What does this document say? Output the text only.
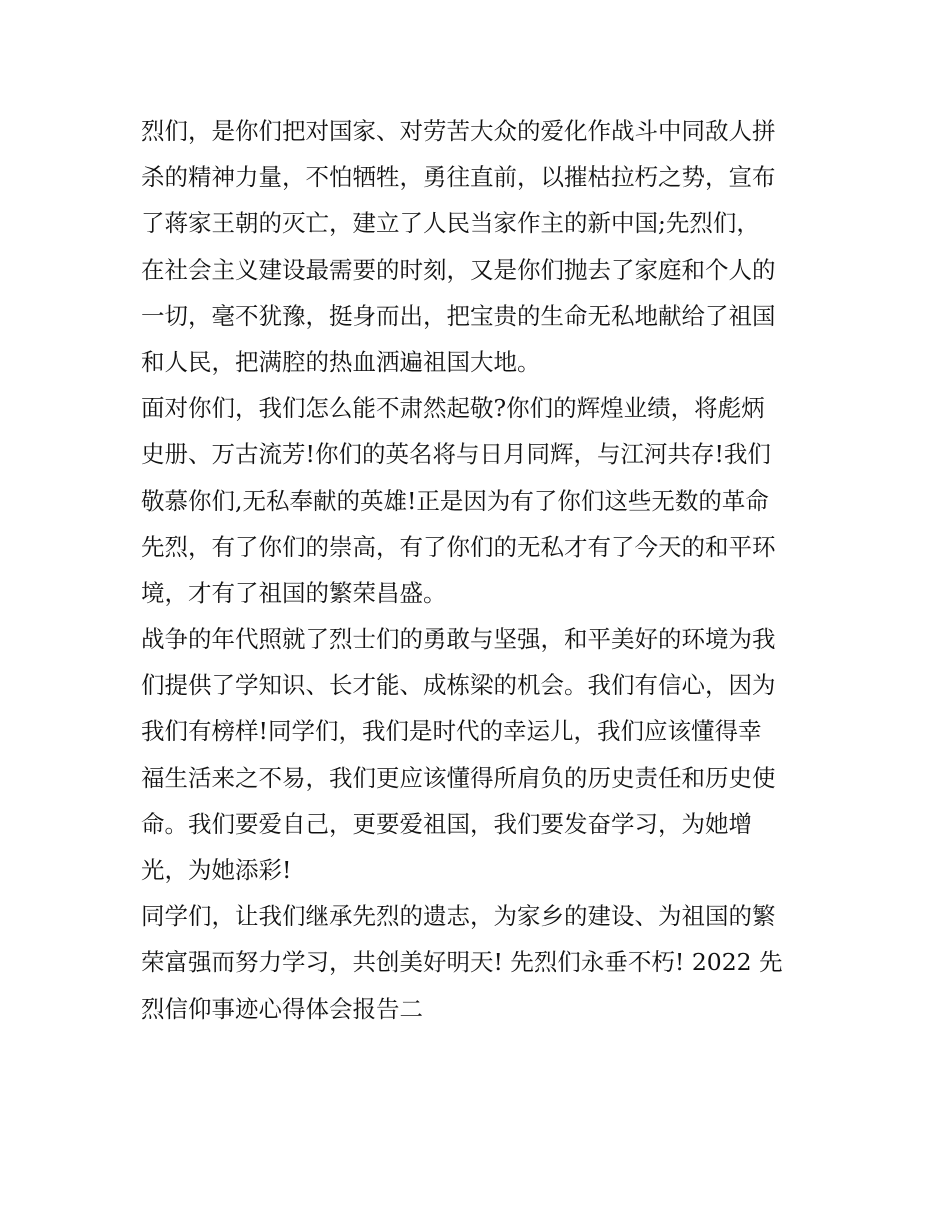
烈们，是你们把对国家、对劳苦大众的爱化作战斗中同敌人拼
杀的精神力量，不怕牺牲，勇往直前，以摧枯拉朽之势，宣布
了蒋家王朝的灭亡，建立了人民当家作主的新中国;先烈们，
在社会主义建设最需要的时刻，又是你们抛去了家庭和个人的
一切，毫不犹豫，挺身而出，把宝贵的生命无私地献给了祖国
和人民，把满腔的热血洒遍祖国大地。
面对你们，我们怎么能不肃然起敬?你们的辉煌业绩，将彪炳
史册、万古流芳!你们的英名将与日月同辉，与江河共存!我们
敬慕你们,无私奉献的英雄!正是因为有了你们这些无数的革命
先烈，有了你们的崇高，有了你们的无私才有了今天的和平环
境，才有了祖国的繁荣昌盛。
战争的年代照就了烈士们的勇敢与坚强，和平美好的环境为我
们提供了学知识、长才能、成栋梁的机会。我们有信心，因为
我们有榜样!同学们，我们是时代的幸运儿，我们应该懂得幸
福生活来之不易，我们更应该懂得所肩负的历史责任和历史使
命。我们要爱自己，更要爱祖国，我们要发奋学习，为她增
光，为她添彩!
同学们，让我们继承先烈的遗志，为家乡的建设、为祖国的繁
荣富强而努力学习，共创美好明天! 先烈们永垂不朽! 2022 先
烈信仰事迹心得体会报告二
